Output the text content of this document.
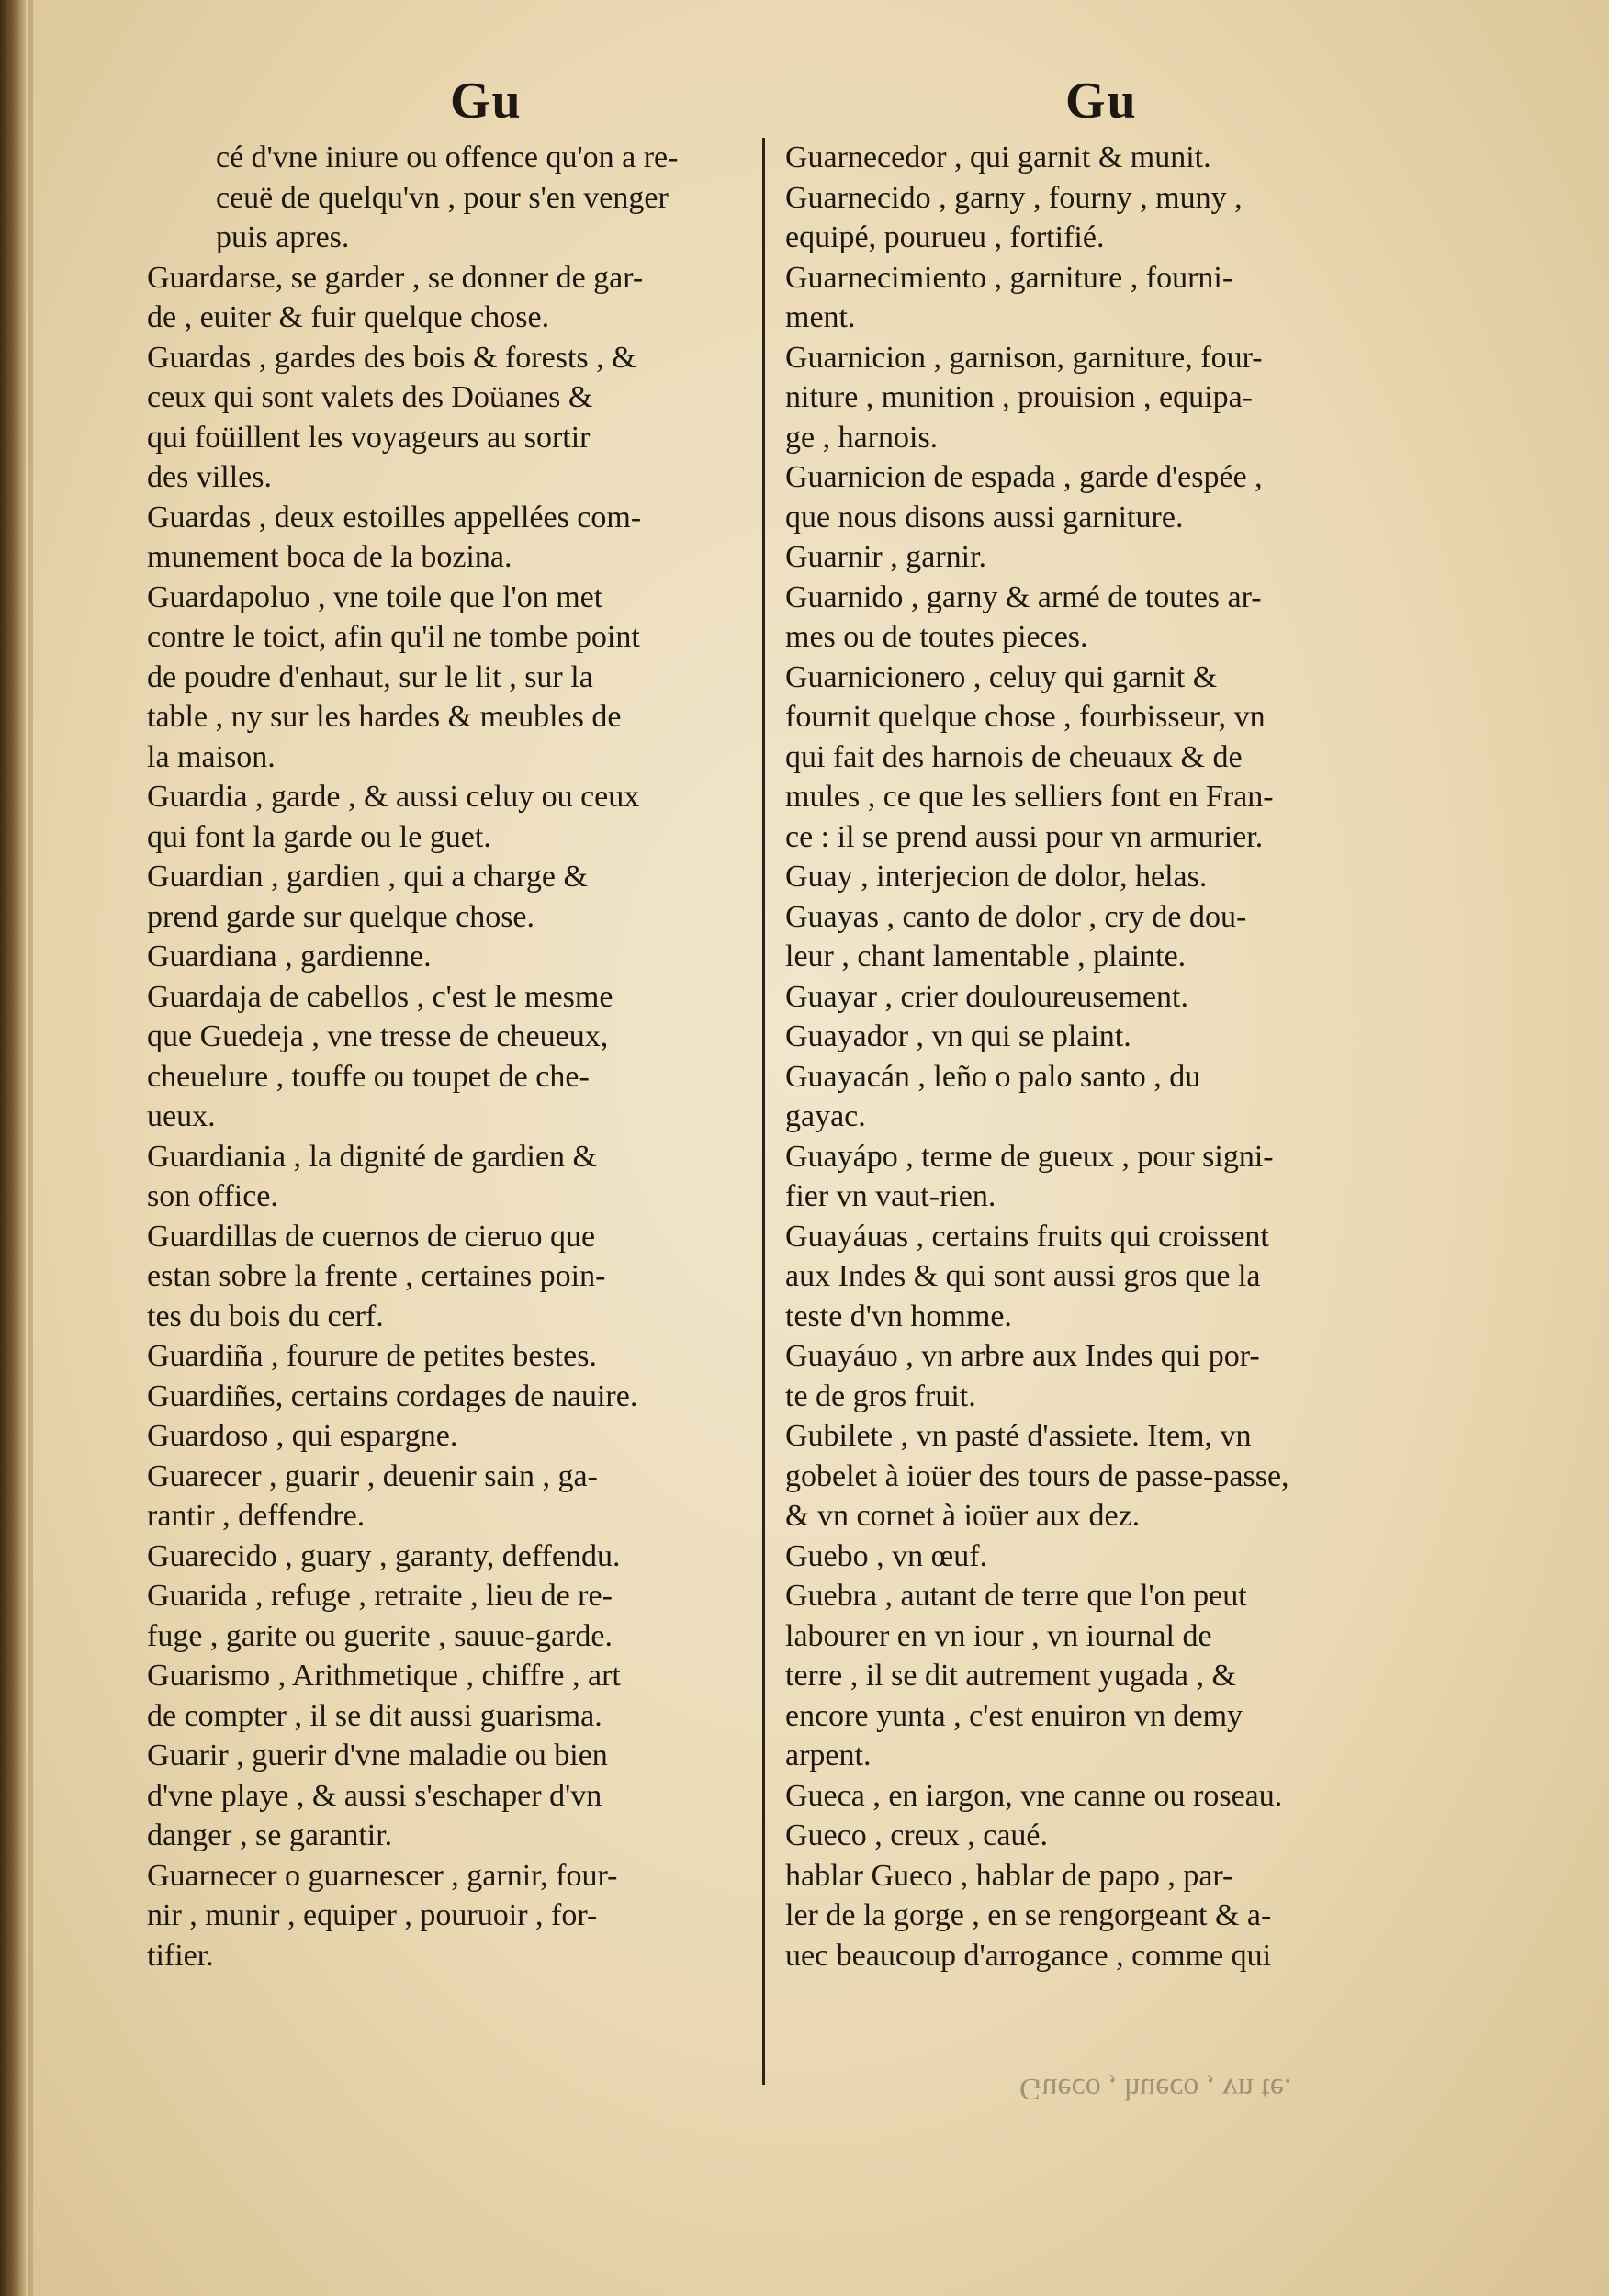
Gu	Gu
cé d'vne iniure ou offence qu'on a re-
ceuë de quelqu'vn , pour s'en venger
puis apres.
Guardarse, se garder , se donner de gar-
de , euiter & fuir quelque chose.
Guardas , gardes des bois & forests , &
ceux qui sont valets des Doüanes &
qui foüillent les voyageurs au sortir
des villes.
Guardas , deux estoilles appellées com-
munement boca de la bozina.
Guardapoluo , vne toile que l'on met
contre le toict, afin qu'il ne tombe point
de poudre d'enhaut, sur le lit , sur la
table , ny sur les hardes & meubles de
la maison.
Guardia , garde , & aussi celuy ou ceux
qui font la garde ou le guet.
Guardian , gardien , qui a charge &
prend garde sur quelque chose.
Guardiana , gardienne.
Guardaja de cabellos , c'est le mesme
que Guedeja , vne tresse de cheueux,
cheuelure , touffe ou toupet de che-
ueux.
Guardiania , la dignité de gardien &
son office.
Guardillas de cuernos de cieruo que
estan sobre la frente , certaines poin-
tes du bois du cerf.
Guardiña , fourure de petites bestes.
Guardiñes, certains cordages de nauire.
Guardoso , qui espargne.
Guarecer , guarir , deuenir sain , ga-
rantir , deffendre.
Guarecido , guary , garanty, deffendu.
Guarida , refuge , retraite , lieu de re-
fuge , garite ou guerite , sauue-garde.
Guarismo , Arithmetique , chiffre , art
de compter , il se dit aussi guarisma.
Guarir , guerir d'vne maladie ou bien
d'vne playe , & aussi s'eschaper d'vn
danger , se garantir.
Guarnecer o guarnescer , garnir, four-
nir , munir , equiper , pouruoir , for-
tifier.
Guarnecedor , qui garnit & munit.
Guarnecido , garny , fourny , muny ,
equipé, pourueu , fortifié.
Guarnecimiento , garniture , fourni-
ment.
Guarnicion , garnison, garniture, four-
niture , munition , prouision , equipa-
ge , harnois.
Guarnicion de espada , garde d'espée ,
que nous disons aussi garniture.
Guarnir , garnir.
Guarnido , garny & armé de toutes ar-
mes ou de toutes pieces.
Guarnicionero , celuy qui garnit &
fournit quelque chose , fourbisseur, vn
qui fait des harnois de cheuaux & de
mules , ce que les selliers font en Fran-
ce : il se prend aussi pour vn armurier.
Guay , interjecion de dolor, helas.
Guayas , canto de dolor , cry de dou-
leur , chant lamentable , plainte.
Guayar , crier douloureusement.
Guayador , vn qui se plaint.
Guayacán , leño o palo santo , du
gayac.
Guayápo , terme de gueux , pour signi-
fier vn vaut-rien.
Guayáuas , certains fruits qui croissent
aux Indes & qui sont aussi gros que la
teste d'vn homme.
Guayáuo , vn arbre aux Indes qui por-
te de gros fruit.
Gubilete , vn pasté d'assiete. Item, vn
gobelet à ioüer des tours de passe-passe,
& vn cornet à ioüer aux dez.
Guebo , vn œuf.
Guebra , autant de terre que l'on peut
labourer en vn iour , vn iournal de
terre , il se dit autrement yugada , &
encore yunta , c'est enuiron vn demy
arpent.
Gueca , en iargon, vne canne ou roseau.
Gueco , creux , caué.
hablar Gueco , hablar de papo , par-
ler de la gorge , en se rengorgeant & a-
uec beaucoup d'arrogance , comme qui
Gueco , hueco , vn te.
